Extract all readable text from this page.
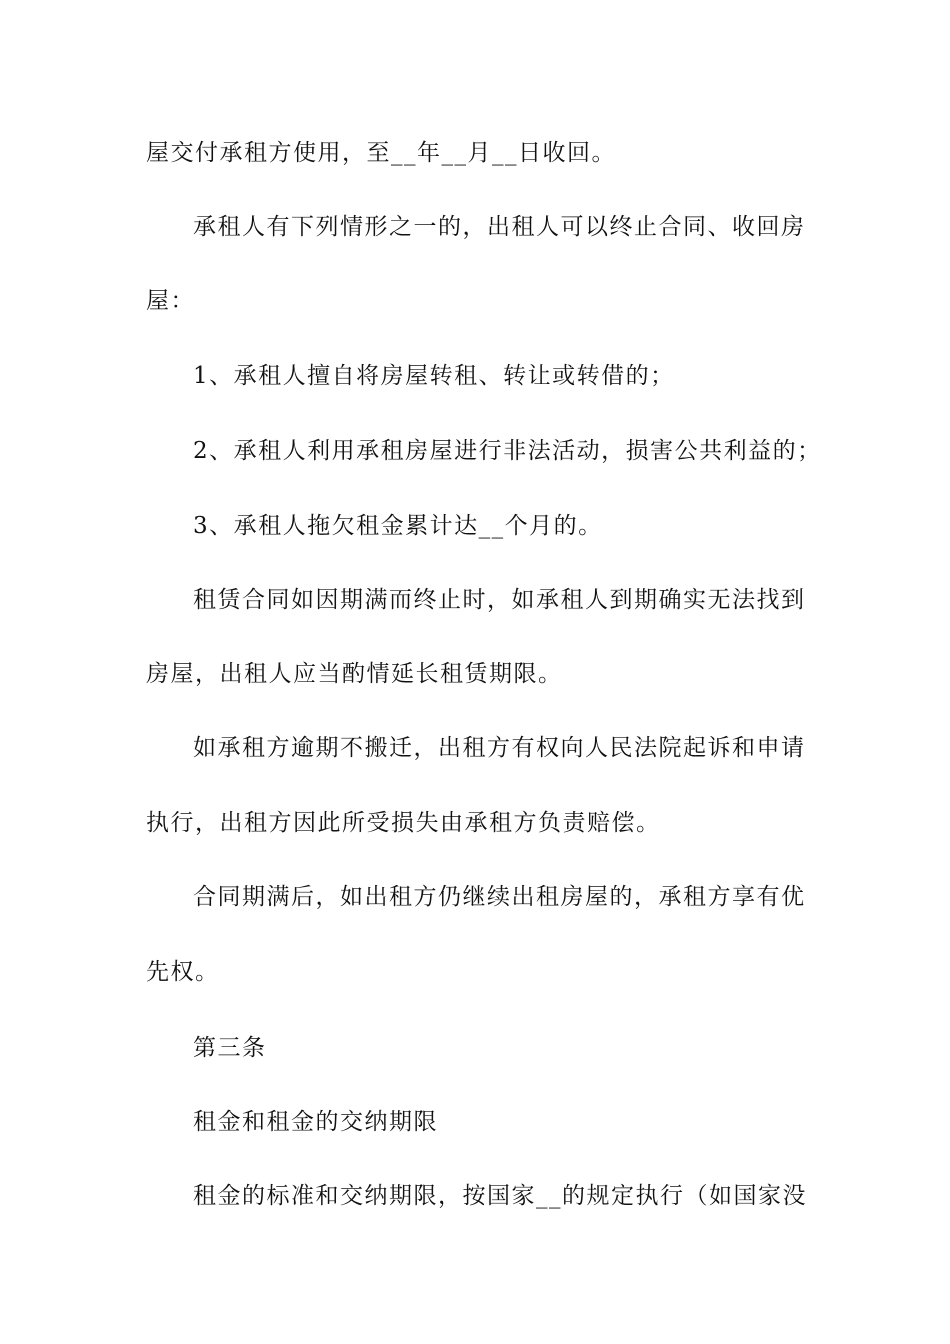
屋交付承租方使用，至__年__月__日收回。
承租人有下列情形之一的，出租人可以终止合同、收回房
屋：
1、承租人擅自将房屋转租、转让或转借的；
2、承租人利用承租房屋进行非法活动，损害公共利益的；
3、承租人拖欠租金累计达__个月的。
租赁合同如因期满而终止时，如承租人到期确实无法找到
房屋，出租人应当酌情延长租赁期限。
如承租方逾期不搬迁，出租方有权向人民法院起诉和申请
执行，出租方因此所受损失由承租方负责赔偿。
合同期满后，如出租方仍继续出租房屋的，承租方享有优
先权。
第三条
租金和租金的交纳期限
租金的标准和交纳期限，按国家__的规定执行（如国家没
